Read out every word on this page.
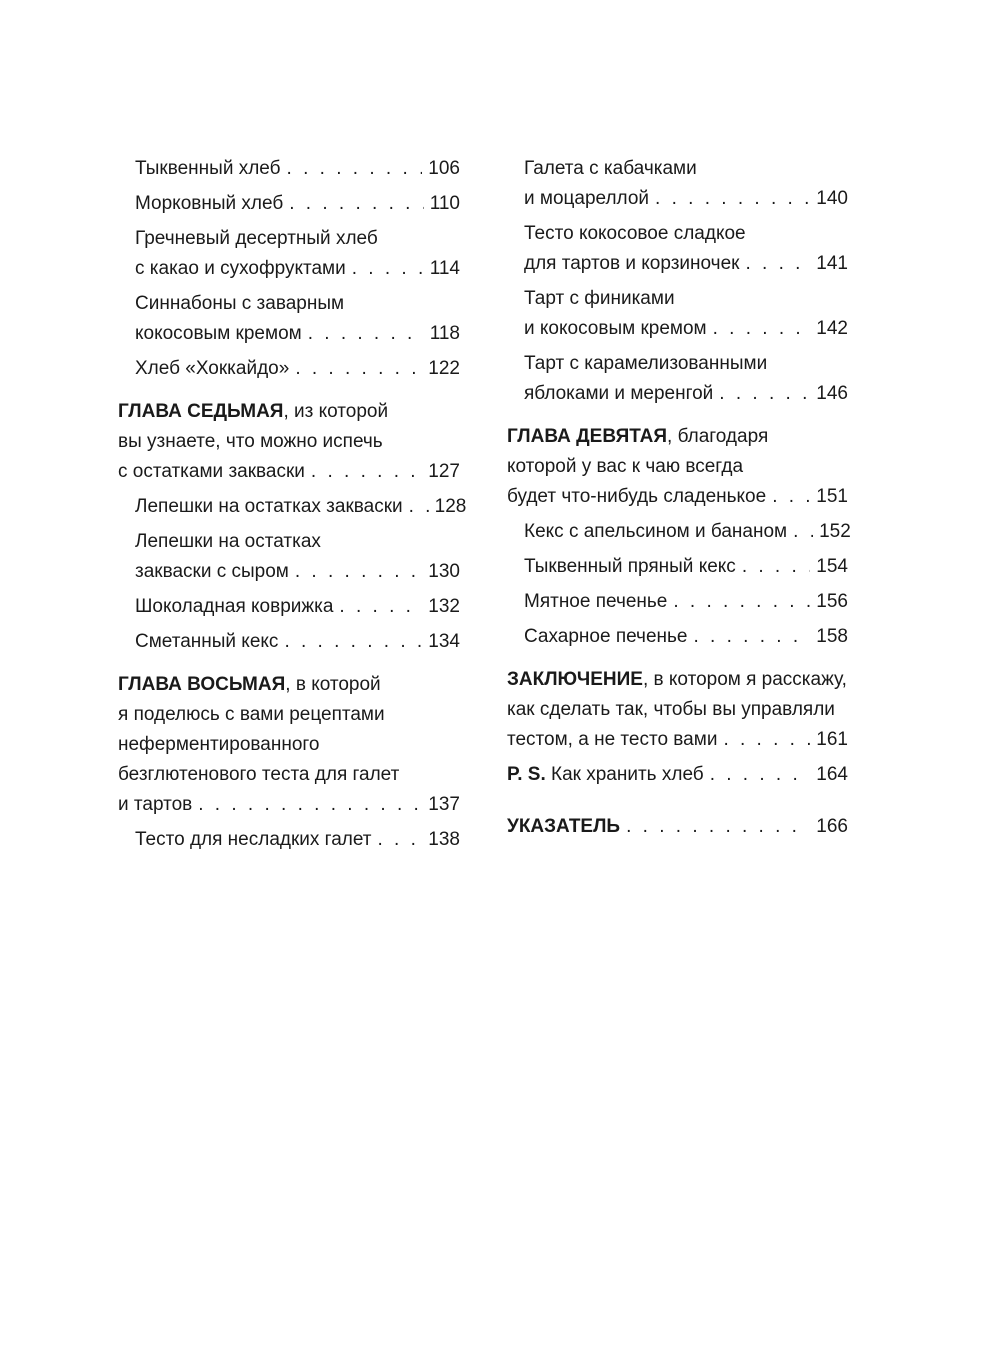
Тыквенный хлеб . . .	106
Морковный хлеб . . .	110
Гречневый десертный хлеб
с какао и сухофруктами . . .	114
Синнабоны с заварным
кокосовым кремом . . .	118
Хлеб «Хоккайдо» . . .	122
ГЛАВА СЕДЬМАЯ, из которой
вы узнаете, что можно испечь
с остатками закваски . . .	127
Лепешки на остатках закваски . . . 128
Лепешки на остатках
закваски с сыром . . .	130
Шоколадная коврижка . . .	132
Сметанный кекс . . .	134
ГЛАВА ВОСЬМАЯ, в которой
я поделюсь с вами рецептами
неферментированного
безглютенового теста для галет
и тартов . . .	137
Тесто для несладких галет . . .	138
Галета с кабачками
и моцареллой . . .	140
Тесто кокосовое сладкое
для тартов и корзиночек . . .	141
Тарт с финиками
и кокосовым кремом . . .	142
Тарт с карамелизованными
яблоками и меренгой . . .	146
ГЛАВА ДЕВЯТАЯ, благодаря
которой у вас к чаю всегда
будет что-нибудь сладенькое . . .	151
Кекс с апельсином и бананом . . . 152
Тыквенный пряный кекс . . .	154
Мятное печенье . . .	156
Сахарное печенье . . .	158
ЗАКЛЮЧЕНИЕ, в котором я расскажу,
как сделать так, чтобы вы управляли
тестом, а не тесто вами . . .	161
P. S. Как хранить хлеб . . .	164
УКАЗАТЕЛЬ . . .	166
